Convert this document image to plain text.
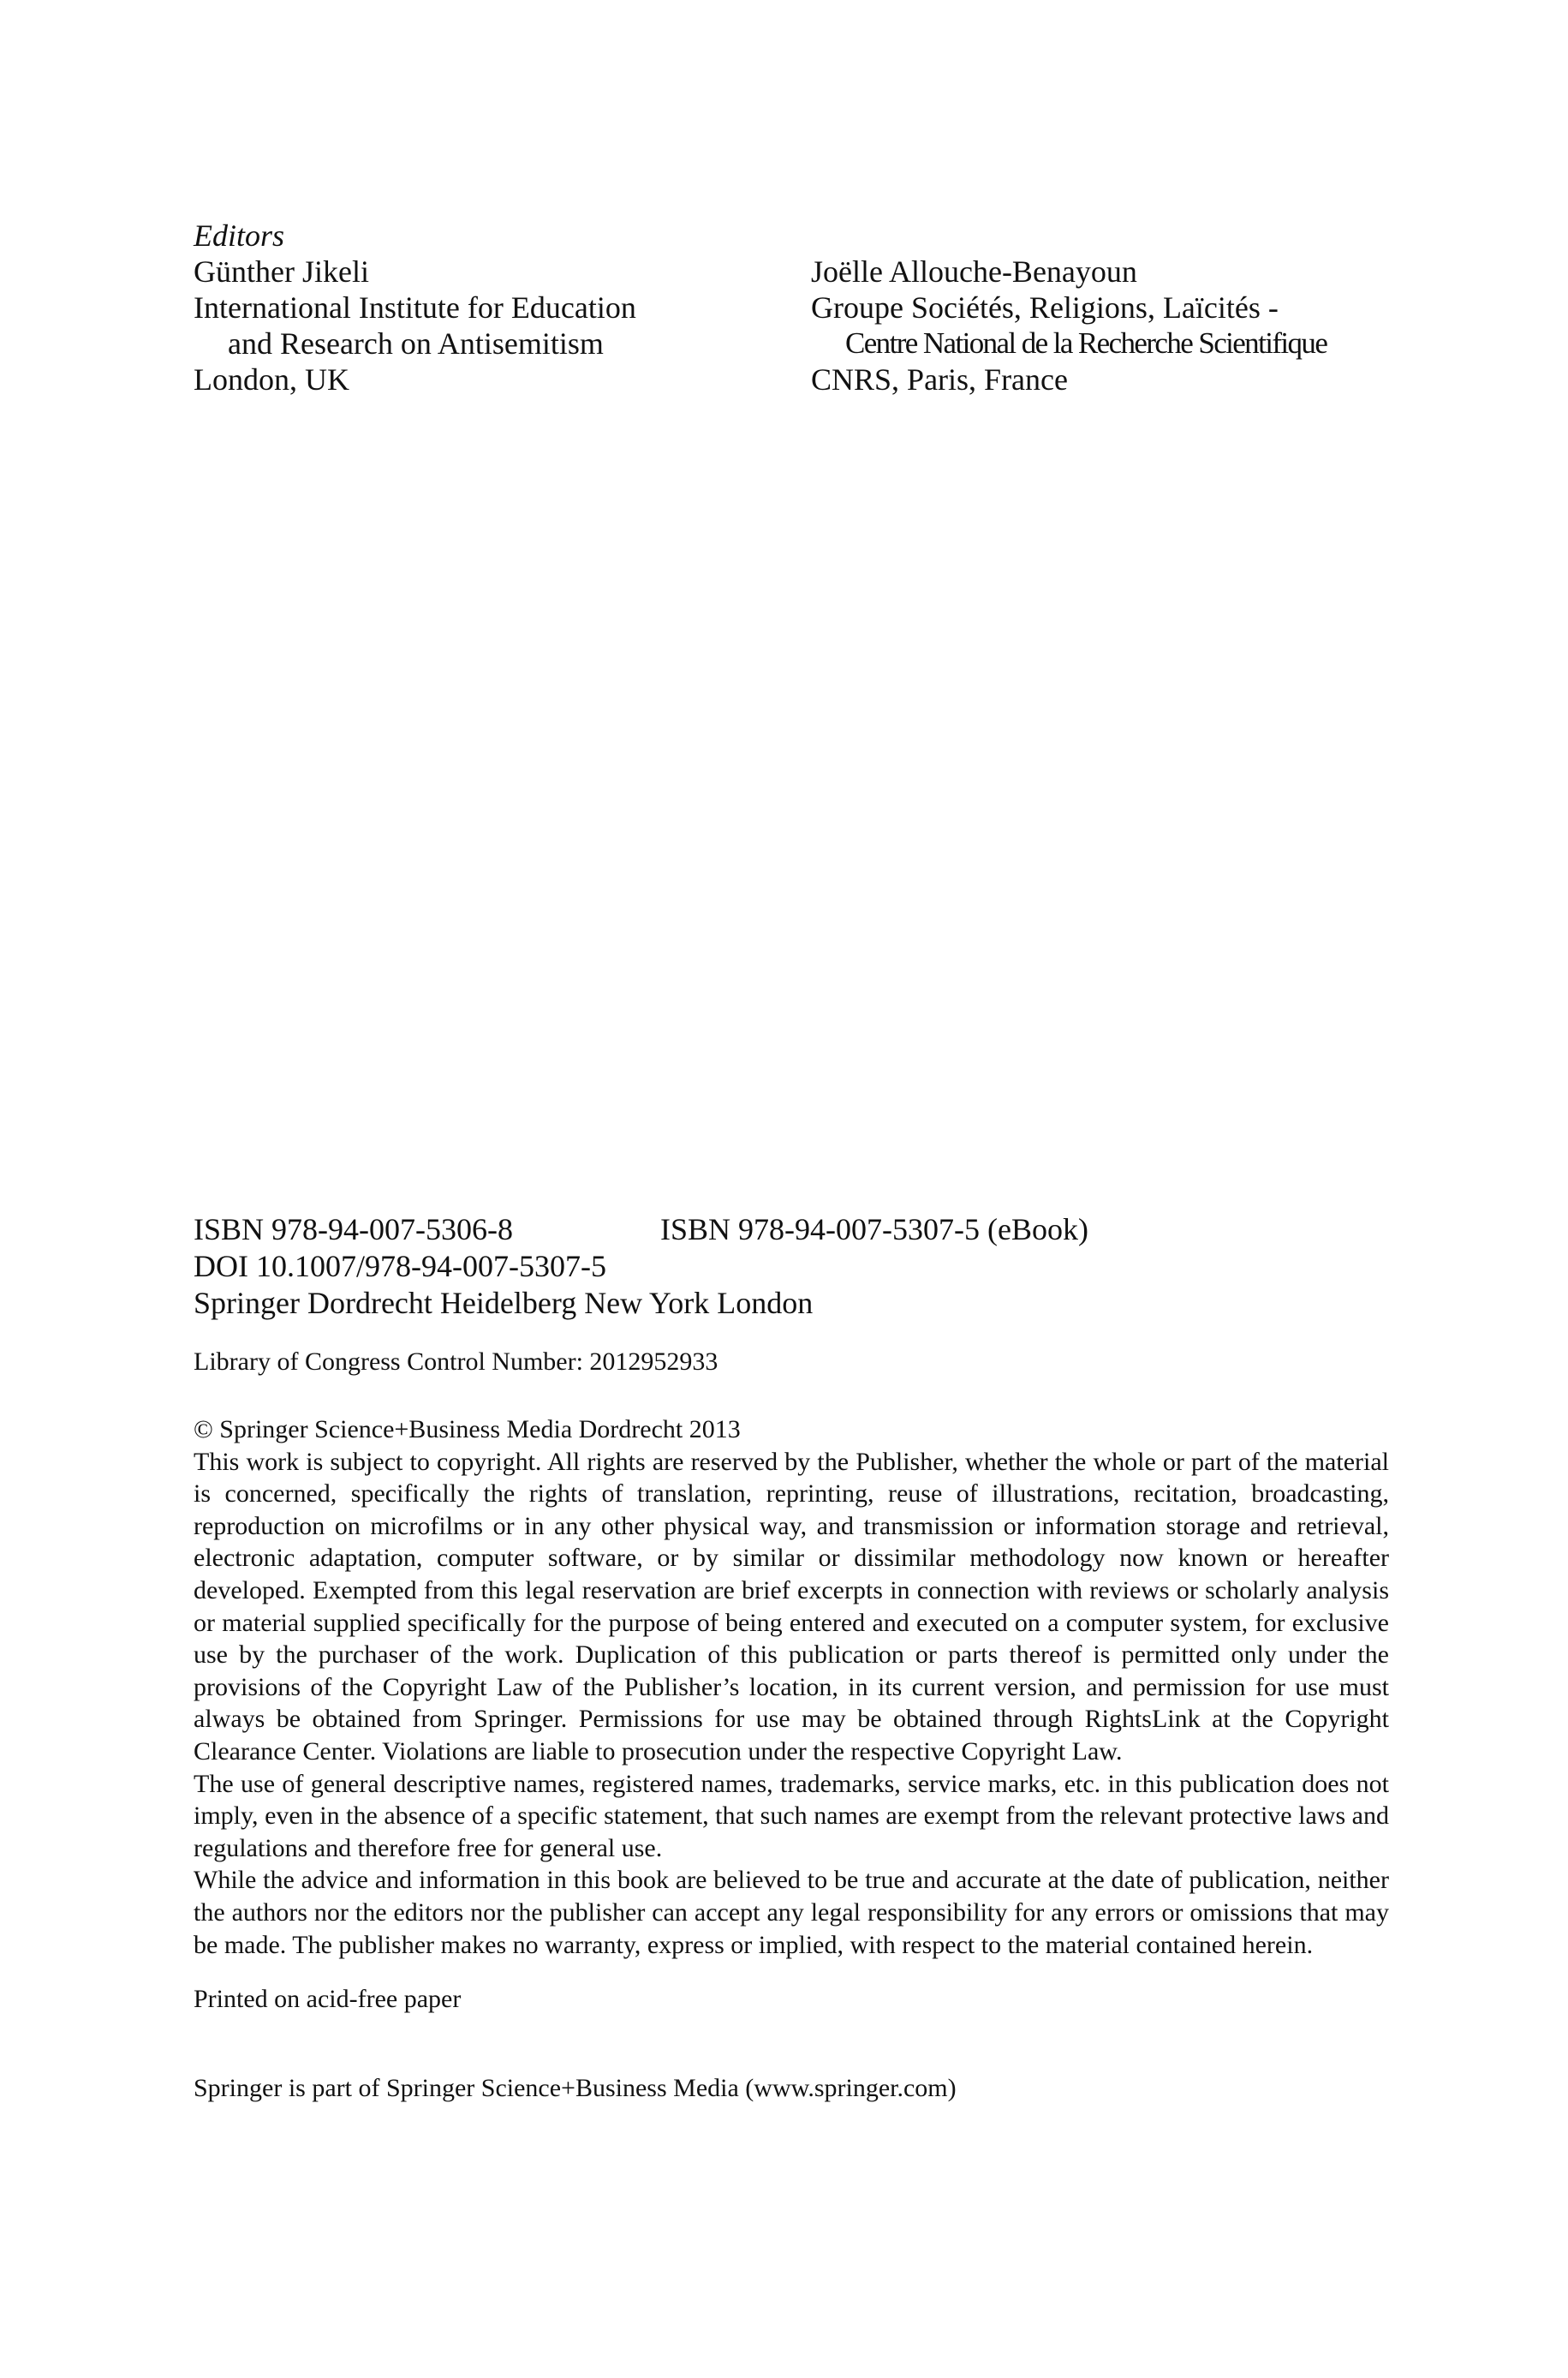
Editors
Günther Jikeli
International Institute for Education
and Research on Antisemitism
London, UK
Joëlle Allouche-Benayoun
Groupe Sociétés, Religions, Laïcités -
Centre National de la Recherche Scientifique
CNRS, Paris, France
ISBN 978-94-007-5306-8	ISBN 978-94-007-5307-5 (eBook)
DOI 10.1007/978-94-007-5307-5
Springer Dordrecht Heidelberg New York London
Library of Congress Control Number: 2012952933
© Springer Science+Business Media Dordrecht 2013

This work is subject to copyright. All rights are reserved by the Publisher, whether the whole or part of the material is concerned, specifically the rights of translation, reprinting, reuse of illustrations, recitation, broadcasting, reproduction on microfilms or in any other physical way, and transmission or information storage and retrieval, electronic adaptation, computer software, or by similar or dissimilar methodology now known or hereafter developed. Exempted from this legal reservation are brief excerpts in connection with reviews or scholarly analysis or material supplied specifically for the purpose of being entered and executed on a computer system, for exclusive use by the purchaser of the work. Duplication of this publication or parts thereof is permitted only under the provisions of the Copyright Law of the Publisher’s location, in its current version, and permission for use must always be obtained from Springer. Permissions for use may be obtained through RightsLink at the Copyright Clearance Center. Violations are liable to prosecution under the respective Copyright Law.

The use of general descriptive names, registered names, trademarks, service marks, etc. in this publication does not imply, even in the absence of a specific statement, that such names are exempt from the relevant protective laws and regulations and therefore free for general use.

While the advice and information in this book are believed to be true and accurate at the date of publication, neither the authors nor the editors nor the publisher can accept any legal responsibility for any errors or omissions that may be made. The publisher makes no warranty, express or implied, with respect to the material contained herein.

Printed on acid-free paper
Springer is part of Springer Science+Business Media (www.springer.com)
